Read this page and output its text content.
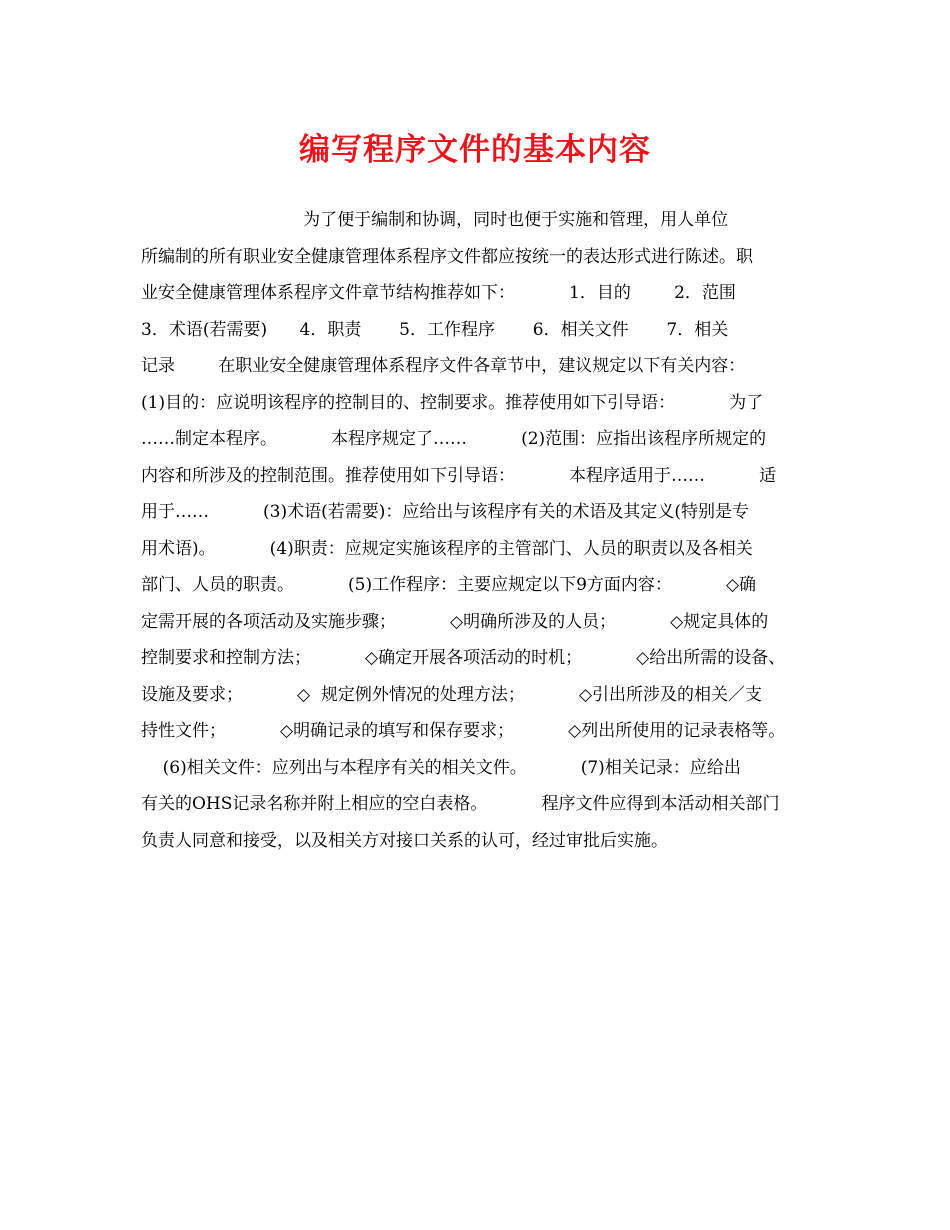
编写程序文件的基本内容
为了便于编制和协调，同时也便于实施和管理，用人单位
所编制的所有职业安全健康管理体系程序文件都应按统一的表达形式进行陈述。职
业安全健康管理体系程序文件章节结构推荐如下：          1．目的        2．范围
3．术语(若需要)      4．职责       5．工作程序       6．相关文件       7．相关
记录        在职业安全健康管理体系程序文件各章节中，建议规定以下有关内容：
(1)目的：应说明该程序的控制目的、控制要求。推荐使用如下引导语：          为了
……制定本程序。          本程序规定了……          (2)范围：应指出该程序所规定的
内容和所涉及的控制范围。推荐使用如下引导语：          本程序适用于……          适
用于……          (3)术语(若需要)：应给出与该程序有关的术语及其定义(特别是专
用术语)。          (4)职责：应规定实施该程序的主管部门、人员的职责以及各相关
部门、人员的职责。          (5)工作程序：主要应规定以下9方面内容：          ◇确
定需开展的各项活动及实施步骤；          ◇明确所涉及的人员；          ◇规定具体的
控制要求和控制方法；          ◇确定开展各项活动的时机；          ◇给出所需的设备、
设施及要求；          ◇  规定例外情况的处理方法；          ◇引出所涉及的相关／支
持性文件；          ◇明确记录的填写和保存要求；          ◇列出所使用的记录表格等。
(6)相关文件：应列出与本程序有关的相关文件。          (7)相关记录：应给出
有关的OHS记录名称并附上相应的空白表格。          程序文件应得到本活动相关部门
负责人同意和接受，以及相关方对接口关系的认可，经过审批后实施。
